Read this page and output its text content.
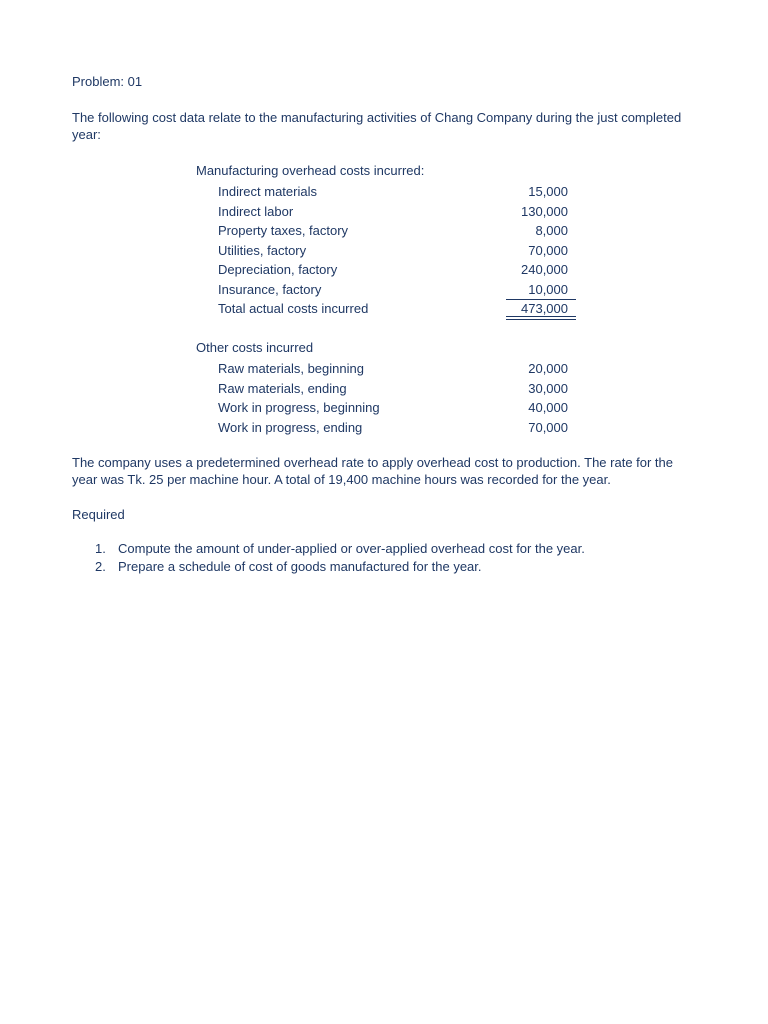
Problem: 01
The following cost data relate to the manufacturing activities of Chang Company during the just completed year:
Manufacturing overhead costs incurred:
Indirect materials	15,000
Indirect labor	130,000
Property taxes, factory	8,000
Utilities, factory	70,000
Depreciation, factory	240,000
Insurance, factory	10,000
Total actual costs incurred	473,000
Other costs incurred
Raw materials, beginning	20,000
Raw materials, ending	30,000
Work in progress, beginning	40,000
Work in progress, ending	70,000
The company uses a predetermined overhead rate to apply overhead cost to production. The rate for the year was Tk. 25 per machine hour. A total of 19,400 machine hours was recorded for the year.
Required
1. Compute the amount of under-applied or over-applied overhead cost for the year.
2. Prepare a schedule of cost of goods manufactured for the year.
